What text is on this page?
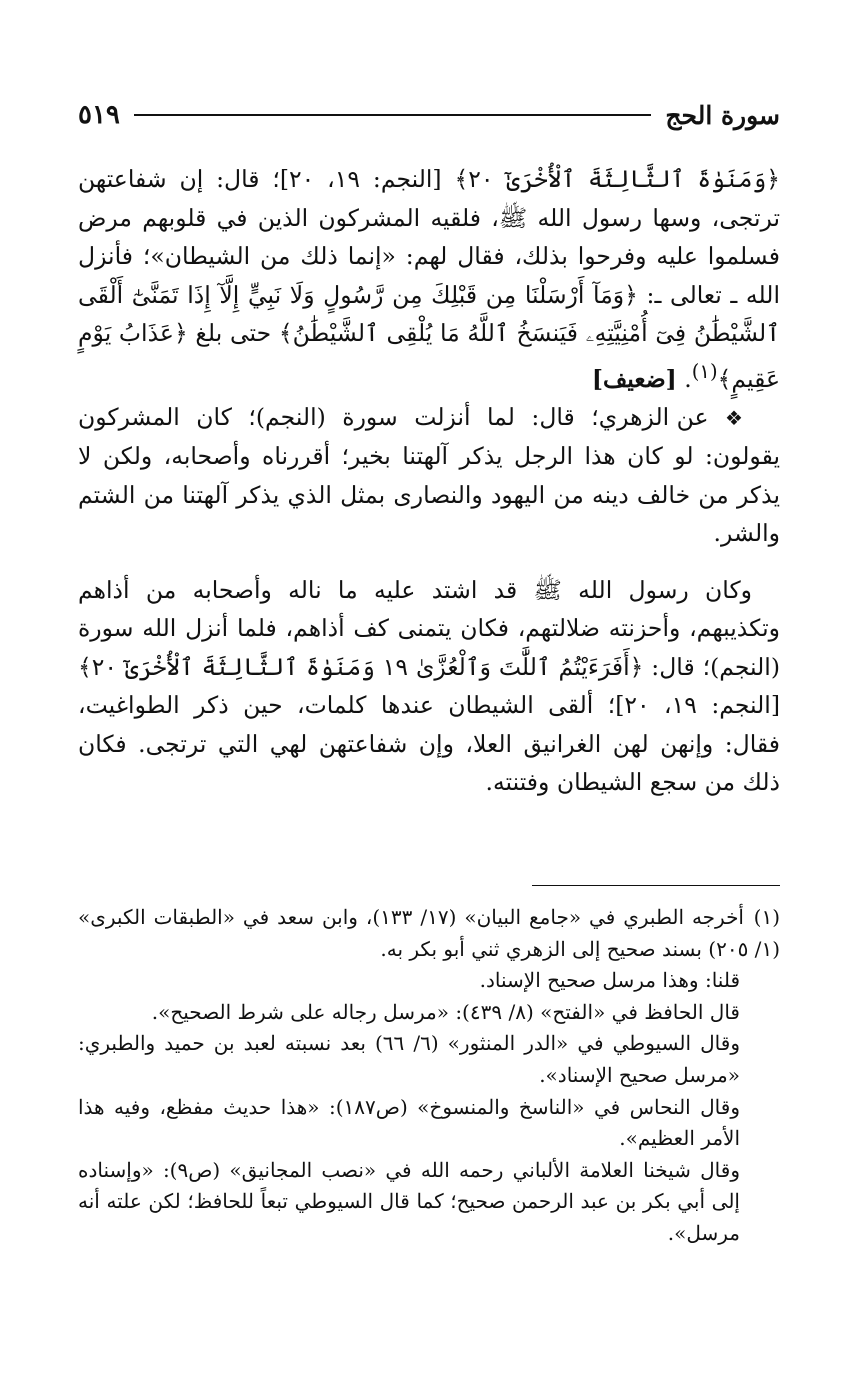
سورة الحج
٥١٩

﴿وَمَنَوٰةَ ٱلثَّالِثَةَ ٱلْأُخْرَىٰٓ ٢٠﴾ [النجم: ١٩، ٢٠]؛ قال: إن شفاعتهن ترتجى، وسها رسول الله ﷺ، فلقيه المشركون الذين في قلوبهم مرض فسلموا عليه وفرحوا بذلك، فقال لهم: «إنما ذلك من الشيطان»؛ فأنزل الله ـ تعالى ـ: ﴿وَمَآ أَرْسَلْنَا مِن قَبْلِكَ مِن رَّسُولٍ وَلَا نَبِيٍّ إِلَّآ إِذَا تَمَنَّىٰٓ أَلْقَى ٱلشَّيْطَٰنُ فِىٓ أُمْنِيَّتِهِۦ فَيَنسَخُ ٱللَّهُ مَا يُلْقِى ٱلشَّيْطَٰنُ﴾ حتى بلغ ﴿عَذَابُ يَوْمٍ عَقِيمٍ﴾$^{(١)}$. [ضعيف]

❖ عن الزهري؛ قال: لما أنزلت سورة (النجم)؛ كان المشركون يقولون: لو كان هذا الرجل يذكر آلهتنا بخير؛ أقررناه وأصحابه، ولكن لا يذكر من خالف دينه من اليهود والنصارى بمثل الذي يذكر آلهتنا من الشتم والشر.

وكان رسول الله ﷺ قد اشتد عليه ما ناله وأصحابه من أذاهم وتكذيبهم، وأحزنته ضلالتهم، فكان يتمنى كف أذاهم، فلما أنزل الله سورة (النجم)؛ قال: ﴿أَفَرَءَيْتُمُ ٱللَّٰتَ وَٱلْعُزَّىٰ ١٩ وَمَنَوٰةَ ٱلثَّالِثَةَ ٱلْأُخْرَىٰٓ ٢٠﴾ [النجم: ١٩، ٢٠]؛ ألقى الشيطان عندها كلمات، حين ذكر الطواغيت، فقال: وإنهن لهن الغرانيق العلا، وإن شفاعتهن لهي التي ترتجى. فكان ذلك من سجع الشيطان وفتنته.

(١)أخرجه الطبري في «جامع البيان» (١٧/ ١٣٣)، وابن سعد في «الطبقات الكبرى» (١/ ٢٠٥) بسند صحيح إلى الزهري ثني أبو بكر به.

قلنا: وهذا مرسل صحيح الإسناد.

قال الحافظ في «الفتح» (٨/ ٤٣٩): «مرسل رجاله على شرط الصحيح».

وقال السيوطي في «الدر المنثور» (٦/ ٦٦) بعد نسبته لعبد بن حميد والطبري: «مرسل صحيح الإسناد».

وقال النحاس في «الناسخ والمنسوخ» (ص١٨٧): «هذا حديث مفظع، وفيه هذا الأمر العظيم».

وقال شيخنا العلامة الألباني رحمه الله في «نصب المجانيق» (ص٩): «وإسناده إلى أبي بكر بن عبد الرحمن صحيح؛ كما قال السيوطي تبعاً للحافظ؛ لكن علته أنه مرسل».
